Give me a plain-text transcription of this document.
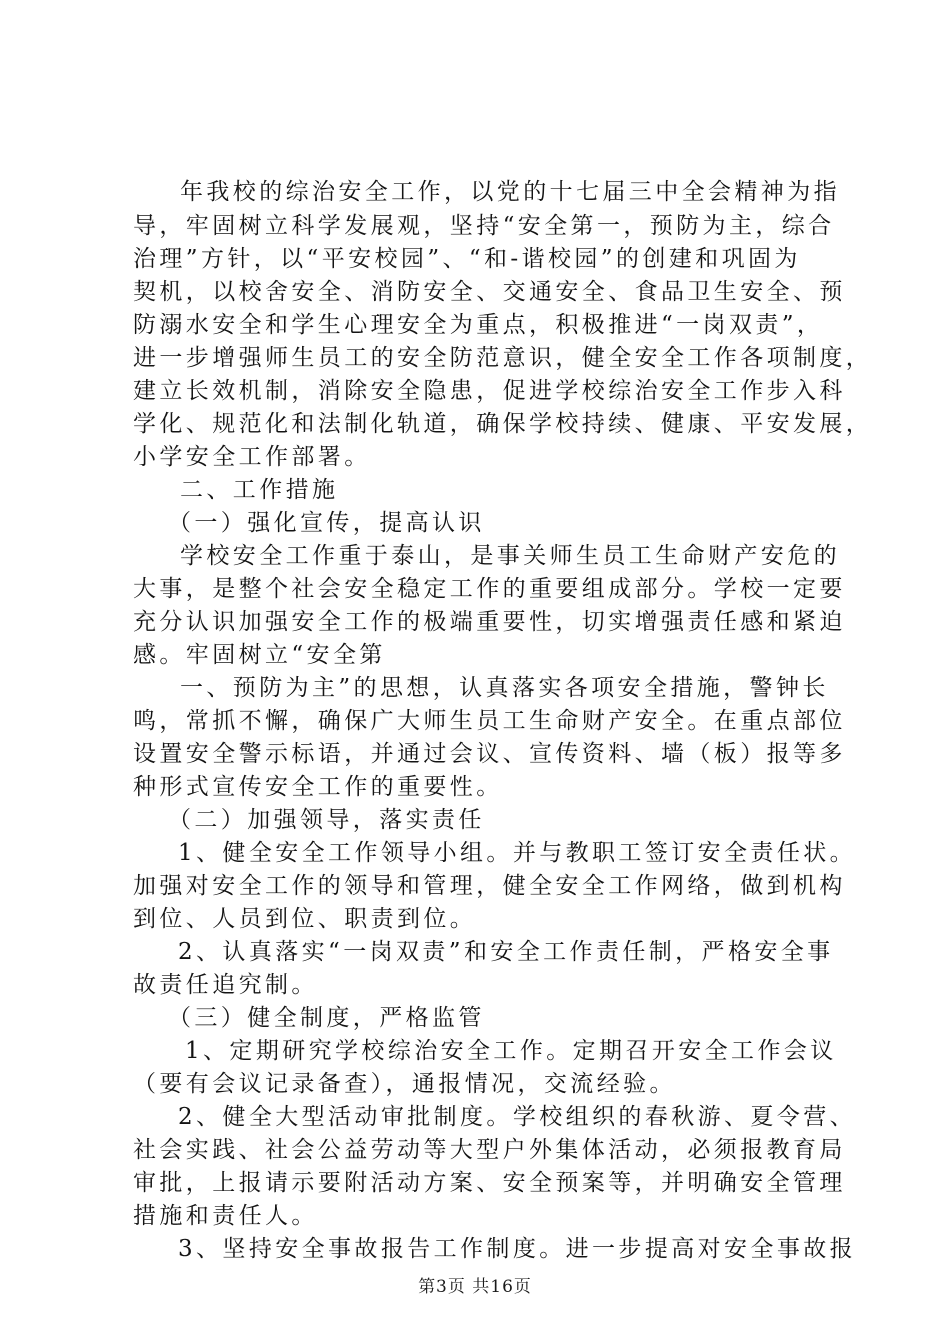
年我校的综治安全工作，以党的十七届三中全会精神为指
导，牢固树立科学发展观，坚持“安全第一，预防为主，综合
治理”方针，以“平安校园”、“和-谐校园”的创建和巩固为
契机，以校舍安全、消防安全、交通安全、食品卫生安全、预
防溺水安全和学生心理安全为重点，积极推进“一岗双责”，
进一步增强师生员工的安全防范意识，健全安全工作各项制度，
建立长效机制，消除安全隐患，促进学校综治安全工作步入科
学化、规范化和法制化轨道，确保学校持续、健康、平安发展，
小学安全工作部署。
二、工作措施
（一）强化宣传，提高认识
学校安全工作重于泰山，是事关师生员工生命财产安危的
大事，是整个社会安全稳定工作的重要组成部分。学校一定要
充分认识加强安全工作的极端重要性，切实增强责任感和紧迫
感。牢固树立“安全第
一、预防为主”的思想，认真落实各项安全措施，警钟长
鸣，常抓不懈，确保广大师生员工生命财产安全。在重点部位
设置安全警示标语，并通过会议、宣传资料、墙（板）报等多
种形式宣传安全工作的重要性。
（二）加强领导，落实责任
1、健全安全工作领导小组。并与教职工签订安全责任状。
加强对安全工作的领导和管理，健全安全工作网络，做到机构
到位、人员到位、职责到位。
2、认真落实“一岗双责”和安全工作责任制，严格安全事
故责任追究制。
（三）健全制度，严格监管
1、定期研究学校综治安全工作。定期召开安全工作会议
（要有会议记录备查），通报情况，交流经验。
2、健全大型活动审批制度。学校组织的春秋游、夏令营、
社会实践、社会公益劳动等大型户外集体活动，必须报教育局
审批，上报请示要附活动方案、安全预案等，并明确安全管理
措施和责任人。
3、坚持安全事故报告工作制度。进一步提高对安全事故报
第3页 共16页
